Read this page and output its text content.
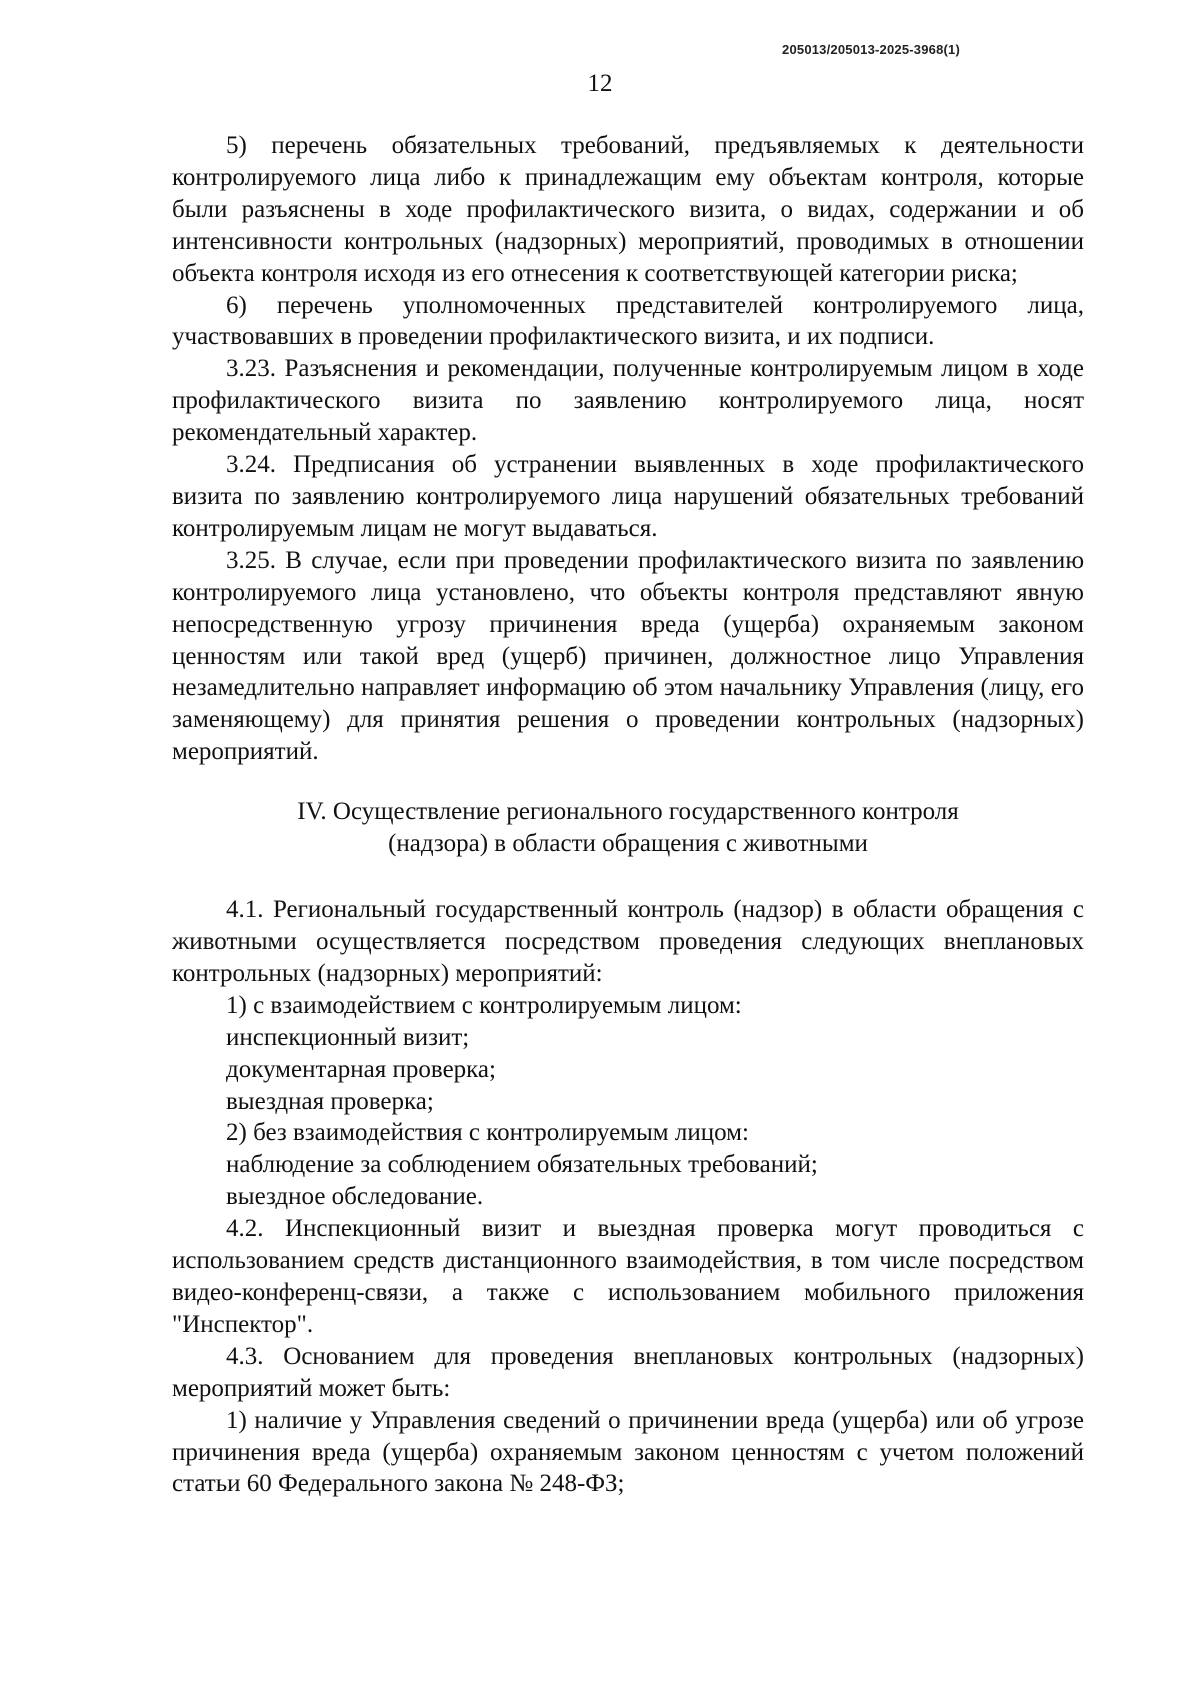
205013/205013-2025-3968(1)
12

5) перечень обязательных требований, предъявляемых к деятельности контролируемого лица либо к принадлежащим ему объектам контроля, которые были разъяснены в ходе профилактического визита, о видах, содержании и об интенсивности контрольных (надзорных) мероприятий, проводимых в отношении объекта контроля исходя из его отнесения к соответствующей категории риска;

6) перечень уполномоченных представителей контролируемого лица, участвовавших в проведении профилактического визита, и их подписи.

3.23. Разъяснения и рекомендации, полученные контролируемым лицом в ходе профилактического визита по заявлению контролируемого лица, носят рекомендательный характер.

3.24. Предписания об устранении выявленных в ходе профилактического визита по заявлению контролируемого лица нарушений обязательных требований контролируемым лицам не могут выдаваться.

3.25. В случае, если при проведении профилактического визита по заявлению контролируемого лица установлено, что объекты контроля представляют явную непосредственную угрозу причинения вреда (ущерба) охраняемым законом ценностям или такой вред (ущерб) причинен, должностное лицо Управления незамедлительно направляет информацию об этом начальнику Управления (лицу, его заменяющему) для принятия решения о проведении контрольных (надзорных) мероприятий.

IV. Осуществление регионального государственного контроля

(надзора) в области обращения с животными

4.1. Региональный государственный контроль (надзор) в области обращения с животными осуществляется посредством проведения следующих внеплановых контрольных (надзорных) мероприятий:

1) с взаимодействием с контролируемым лицом:

инспекционный визит;

документарная проверка;

выездная проверка;

2) без взаимодействия с контролируемым лицом:

наблюдение за соблюдением обязательных требований;

выездное обследование.

4.2. Инспекционный визит и выездная проверка могут проводиться с использованием средств дистанционного взаимодействия, в том числе посредством видео-конференц-связи, а также с использованием мобильного приложения "Инспектор".

4.3. Основанием для проведения внеплановых контрольных (надзорных) мероприятий может быть:

1) наличие у Управления сведений о причинении вреда (ущерба) или об угрозе причинения вреда (ущерба) охраняемым законом ценностям с учетом положений статьи 60 Федерального закона № 248-ФЗ;
